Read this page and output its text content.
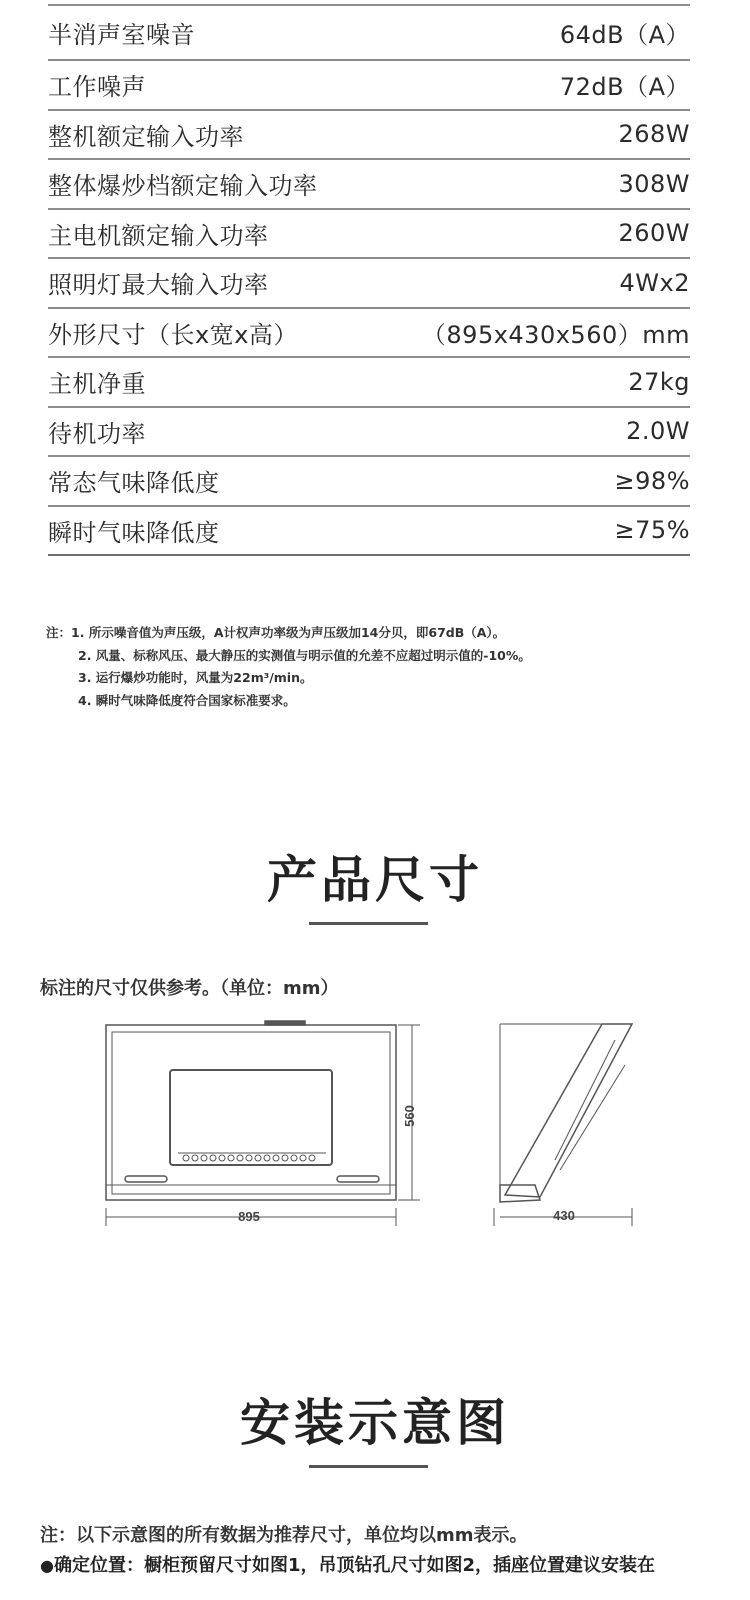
半消声室噪音	64dB（A）
工作噪声	72dB（A）
整机额定输入功率	268W
整体爆炒档额定输入功率	308W
主电机额定输入功率	260W
照明灯最大输入功率	4Wx2
外形尺寸（长x宽x高）	（895x430x560）mm
主机净重	27kg
待机功率	2.0W
常态气味降低度	≥98%
瞬时气味降低度	≥75%
注：1. 所示噪音值为声压级，A计权声功率级为声压级加14分贝，即67dB（A）。
2. 风量、标称风压、最大静压的实测值与明示值的允差不应超过明示值的-10%。
3. 运行爆炒功能时，风量为22m³/min。
4. 瞬时气味降低度符合国家标准要求。
产品尺寸
标注的尺寸仅供参考。（单位：mm）
895
560
430
安装示意图
注：以下示意图的所有数据为推荐尺寸，单位均以mm表示。
●确定位置：橱柜预留尺寸如图1，吊顶钻孔尺寸如图2，插座位置建议安装在
